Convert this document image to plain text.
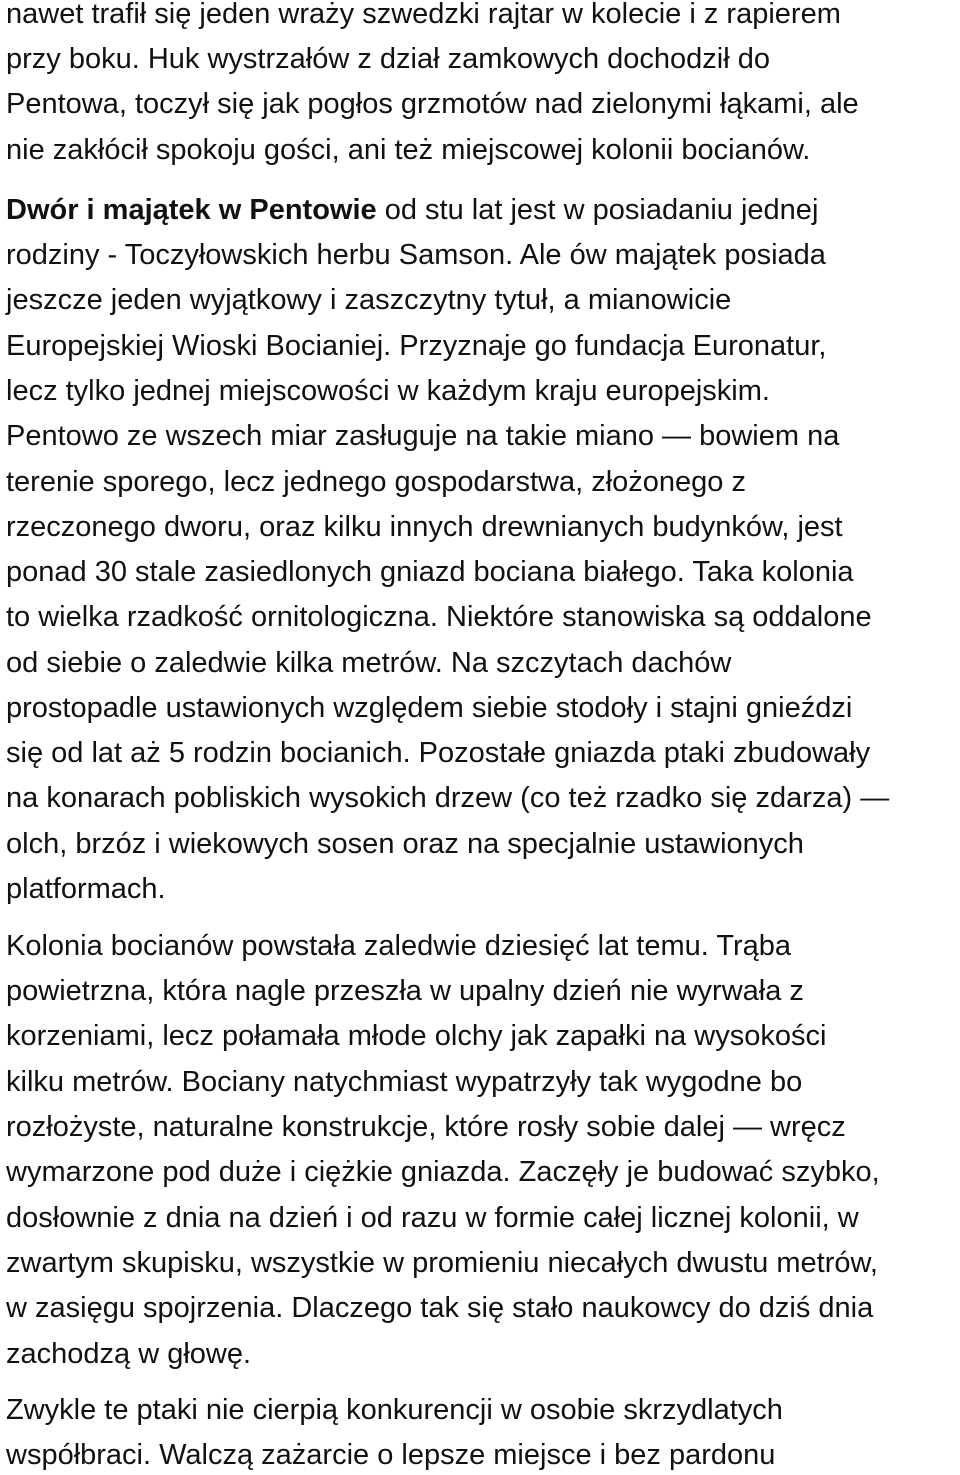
nawet trafił się jeden wraży szwedzki rajtar w kolecie i z rapierem

przy boku. Huk wystrzałów z dział zamkowych dochodził do

Pentowa, toczył się jak pogłos grzmotów nad zielonymi łąkami, ale

nie zakłócił spokoju gości, ani też miejscowej kolonii bocianów.

Dwór i majątek w Pentowie od stu lat jest w posiadaniu jednej

rodziny - Toczyłowskich herbu Samson. Ale ów majątek posiada

jeszcze jeden wyjątkowy i zaszczytny tytuł, a mianowicie

Europejskiej Wioski Bocianiej. Przyznaje go fundacja Euronatur,

lecz tylko jednej miejscowości w każdym kraju europejskim.

Pentowo ze wszech miar zasługuje na takie miano ― bowiem na

terenie sporego, lecz jednego gospodarstwa, złożonego z

rzeczonego dworu, oraz kilku innych drewnianych budynków, jest

ponad 30 stale zasiedlonych gniazd bociana białego. Taka kolonia

to wielka rzadkość ornitologiczna. Niektóre stanowiska są oddalone

od siebie o zaledwie kilka metrów. Na szczytach dachów

prostopadle ustawionych względem siebie stodoły i stajni gnieździ

się od lat aż 5 rodzin bocianich. Pozostałe gniazda ptaki zbudowały

na konarach pobliskich wysokich drzew (co też rzadko się zdarza) ―

olch, brzóz i wiekowych sosen oraz na specjalnie ustawionych

platformach.

Kolonia bocianów powstała zaledwie dziesięć lat temu. Trąba

powietrzna, która nagle przeszła w upalny dzień nie wyrwała z

korzeniami, lecz połamała młode olchy jak zapałki na wysokości

kilku metrów. Bociany natychmiast wypatrzyły tak wygodne bo

rozłożyste, naturalne konstrukcje, które rosły sobie dalej ― wręcz

wymarzone pod duże i ciężkie gniazda. Zaczęły je budować szybko,

dosłownie z dnia na dzień i od razu w formie całej licznej kolonii, w

zwartym skupisku, wszystkie w promieniu niecałych dwustu metrów,

w zasięgu spojrzenia. Dlaczego tak się stało naukowcy do dziś dnia

zachodzą w głowę.

Zwykle te ptaki nie cierpią konkurencji w osobie skrzydlatych

współbraci. Walczą zażarcie o lepsze miejsce i bez pardonu
